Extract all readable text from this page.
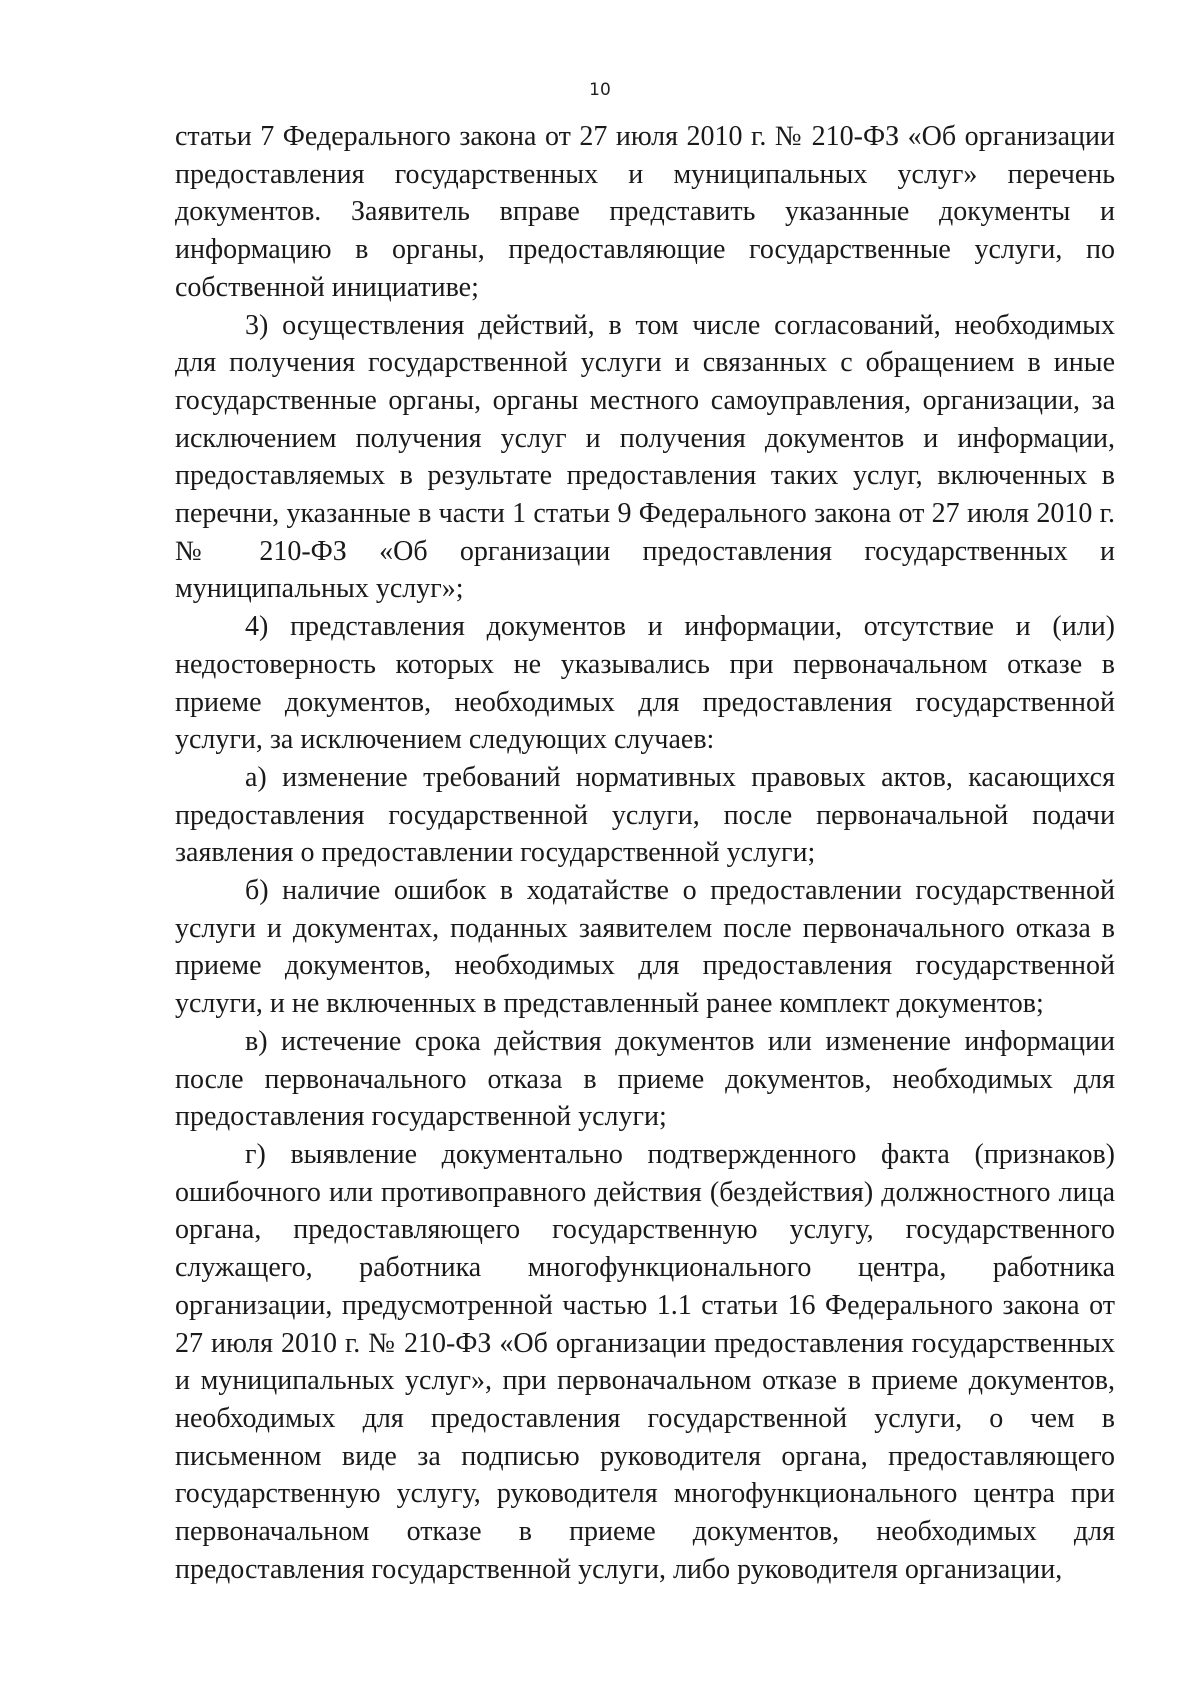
10

статьи 7 Федерального закона от 27 июля 2010 г. № 210-ФЗ «Об организации предоставления государственных и муниципальных услуг» перечень документов. Заявитель вправе представить указанные документы и информацию в органы, предоставляющие государственные услуги, по собственной инициативе;

3) осуществления действий, в том числе согласований, необходимых для получения государственной услуги и связанных с обращением в иные государственные органы, органы местного самоуправления, организации, за исключением получения услуг и получения документов и информации, предоставляемых в результате предоставления таких услуг, включенных в перечни, указанные в части 1 статьи 9 Федерального закона от 27 июля 2010 г. № 210-ФЗ «Об организации предоставления государственных и муниципальных услуг»;

4) представления документов и информации, отсутствие и (или) недостоверность которых не указывались при первоначальном отказе в приеме документов, необходимых для предоставления государственной услуги, за исключением следующих случаев:

а) изменение требований нормативных правовых актов, касающихся предоставления государственной услуги, после первоначальной подачи заявления о предоставлении государственной услуги;

б) наличие ошибок в ходатайстве о предоставлении государственной услуги и документах, поданных заявителем после первоначального отказа в приеме документов, необходимых для предоставления государственной услуги, и не включенных в представленный ранее комплект документов;

в) истечение срока действия документов или изменение информации после первоначального отказа в приеме документов, необходимых для предоставления государственной услуги;

г) выявление документально подтвержденного факта (признаков) ошибочного или противоправного действия (бездействия) должностного лица органа, предоставляющего государственную услугу, государственного служащего, работника многофункционального центра, работника организации, предусмотренной частью 1.1 статьи 16 Федерального закона от 27 июля 2010 г. № 210-ФЗ «Об организации предоставления государственных и муниципальных услуг», при первоначальном отказе в приеме документов, необходимых для предоставления государственной услуги, о чем в письменном виде за подписью руководителя органа, предоставляющего государственную услугу, руководителя многофункционального центра при первоначальном отказе в приеме документов, необходимых для предоставления государственной услуги, либо руководителя организации,
